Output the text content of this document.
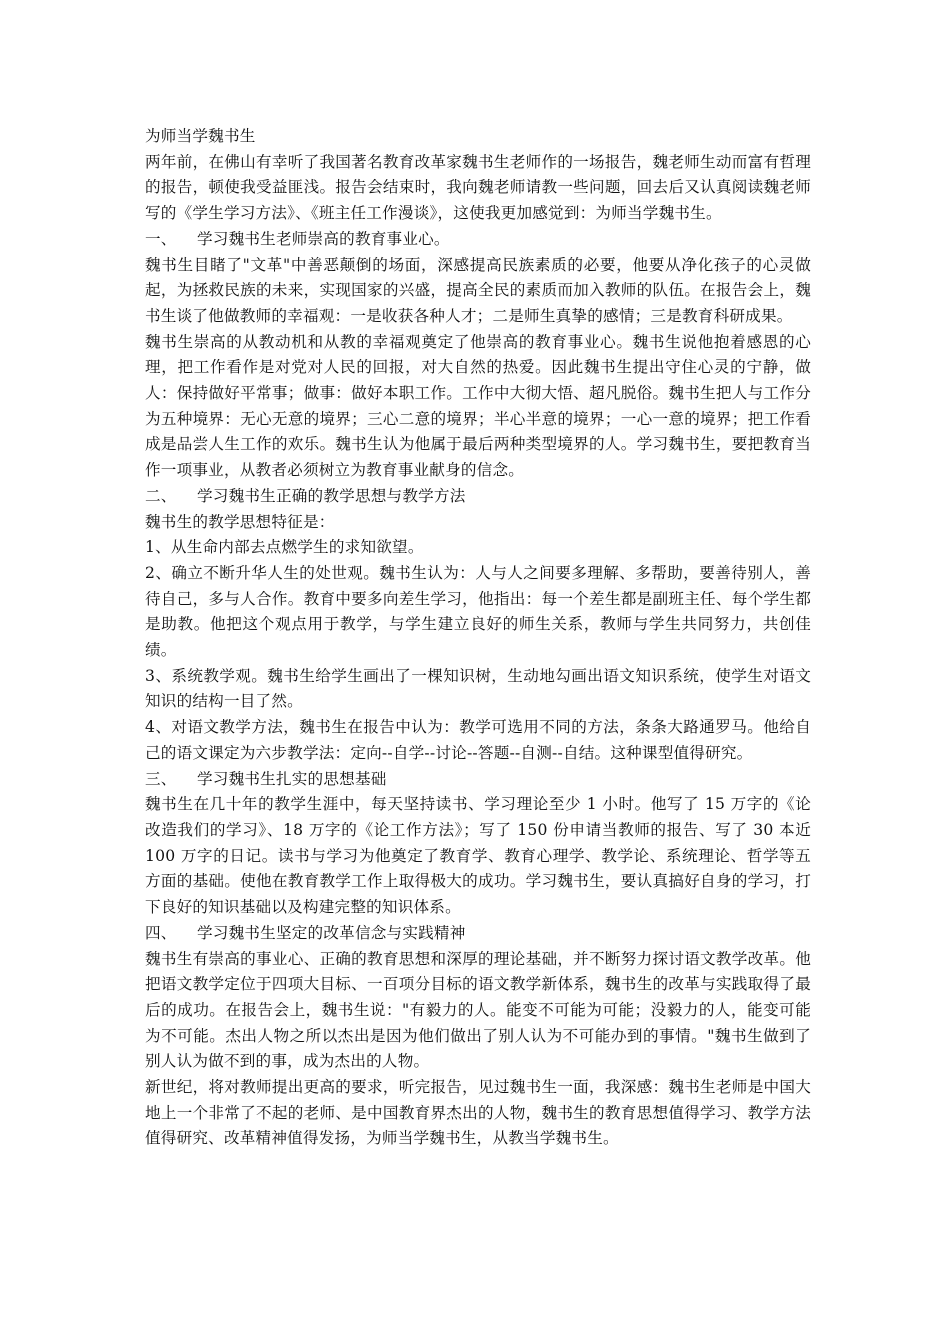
为师当学魏书生

两年前，在佛山有幸听了我国著名教育改革家魏书生老师作的一场报告，魏老师生动而富有哲理的报告，顿使我受益匪浅。报告会结束时，我向魏老师请教一些问题，回去后又认真阅读魏老师写的《学生学习方法》、《班主任工作漫谈》，这使我更加感觉到：为师当学魏书生。

一、 学习魏书生老师崇高的教育事业心。

魏书生目睹了"文革"中善恶颠倒的场面，深感提高民族素质的必要，他要从净化孩子的心灵做起，为拯救民族的未来，实现国家的兴盛，提高全民的素质而加入教师的队伍。在报告会上，魏书生谈了他做教师的幸福观：一是收获各种人才；二是师生真挚的感情；三是教育科研成果。

魏书生崇高的从教动机和从教的幸福观奠定了他崇高的教育事业心。魏书生说他抱着感恩的心理，把工作看作是对党对人民的回报，对大自然的热爱。因此魏书生提出守住心灵的宁静，做人：保持做好平常事；做事：做好本职工作。工作中大彻大悟、超凡脱俗。魏书生把人与工作分为五种境界：无心无意的境界；三心二意的境界；半心半意的境界；一心一意的境界；把工作看成是品尝人生工作的欢乐。魏书生认为他属于最后两种类型境界的人。学习魏书生，要把教育当作一项事业，从教者必须树立为教育事业献身的信念。

二、 学习魏书生正确的教学思想与教学方法

魏书生的教学思想特征是：

1、从生命内部去点燃学生的求知欲望。

2、确立不断升华人生的处世观。魏书生认为：人与人之间要多理解、多帮助，要善待别人，善待自己，多与人合作。教育中要多向差生学习，他指出：每一个差生都是副班主任、每个学生都是助教。他把这个观点用于教学，与学生建立良好的师生关系，教师与学生共同努力，共创佳绩。

3、系统教学观。魏书生给学生画出了一棵知识树，生动地勾画出语文知识系统，使学生对语文知识的结构一目了然。

4、对语文教学方法，魏书生在报告中认为：教学可选用不同的方法，条条大路通罗马。他给自己的语文课定为六步教学法：定向--自学--讨论--答题--自测--自结。这种课型值得研究。

三、 学习魏书生扎实的思想基础

魏书生在几十年的教学生涯中，每天坚持读书、学习理论至少 1 小时。他写了 15 万字的《论改造我们的学习》、18 万字的《论工作方法》；写了 150 份申请当教师的报告、写了 30 本近 100 万字的日记。读书与学习为他奠定了教育学、教育心理学、教学论、系统理论、哲学等五方面的基础。使他在教育教学工作上取得极大的成功。学习魏书生，要认真搞好自身的学习，打下良好的知识基础以及构建完整的知识体系。

四、 学习魏书生坚定的改革信念与实践精神

魏书生有崇高的事业心、正确的教育思想和深厚的理论基础，并不断努力探讨语文教学改革。他把语文教学定位于四项大目标、一百项分目标的语文教学新体系，魏书生的改革与实践取得了最后的成功。在报告会上，魏书生说："有毅力的人。能变不可能为可能；没毅力的人，能变可能为不可能。杰出人物之所以杰出是因为他们做出了别人认为不可能办到的事情。"魏书生做到了别人认为做不到的事，成为杰出的人物。

新世纪，将对教师提出更高的要求，听完报告，见过魏书生一面，我深感：魏书生老师是中国大地上一个非常了不起的老师、是中国教育界杰出的人物，魏书生的教育思想值得学习、教学方法值得研究、改革精神值得发扬，为师当学魏书生，从教当学魏书生。
